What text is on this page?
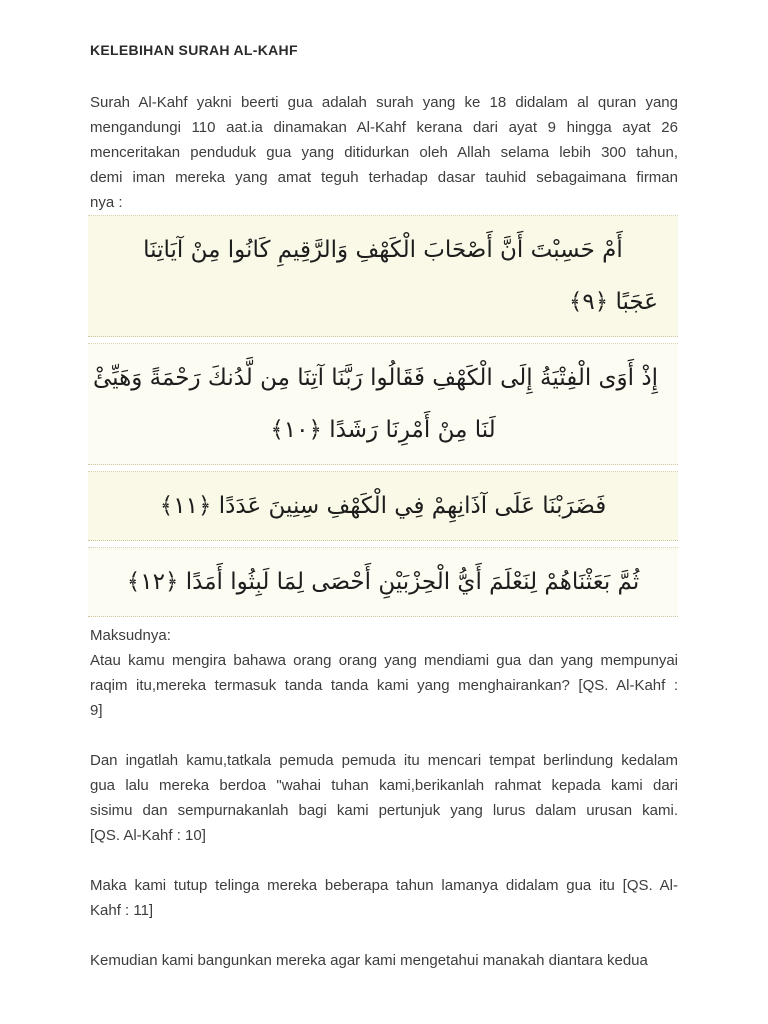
KELEBIHAN SURAH AL-KAHF

Surah Al-Kahf yakni beerti gua adalah surah yang ke 18 didalam al quran yang
mengandungi 110 aat.ia dinamakan Al-Kahf kerana dari ayat 9 hingga ayat 26
menceritakan penduduk gua yang ditidurkan oleh Allah selama lebih 300 tahun,
demi iman mereka yang amat teguh terhadap dasar tauhid sebagaimana firman
nya :

أَمْ حَسِبْتَ أَنَّ أَصْحَابَ الْكَهْفِ وَالرَّقِيمِ كَانُوا مِنْ آيَاتِنَا
عَجَبًا ﴿٩﴾
إِذْ أَوَى الْفِتْيَةُ إِلَى الْكَهْفِ فَقَالُوا رَبَّنَا آتِنَا مِن لَّدُنكَ رَحْمَةً وَهَيِّئْ
لَنَا مِنْ أَمْرِنَا رَشَدًا ﴿١٠﴾
فَضَرَبْنَا عَلَى آذَانِهِمْ فِي الْكَهْفِ سِنِينَ عَدَدًا ﴿١١﴾
ثُمَّ بَعَثْنَاهُمْ لِنَعْلَمَ أَيُّ الْحِزْبَيْنِ أَحْصَى لِمَا لَبِثُوا أَمَدًا ﴿١٢﴾

Maksudnya:
Atau kamu mengira bahawa orang orang yang mendiami gua dan yang mempunyai
raqim itu,mereka termasuk tanda tanda kami yang menghairankan? [QS. Al-Kahf :
9]

Dan ingatlah kamu,tatkala pemuda pemuda itu mencari tempat berlindung kedalam
gua lalu mereka berdoa "wahai tuhan kami,berikanlah rahmat kepada kami dari
sisimu dan sempurnakanlah bagi kami pertunjuk yang lurus dalam urusan kami.
[QS. Al-Kahf : 10]

Maka kami tutup telinga mereka beberapa tahun lamanya didalam gua itu [QS. Al-
Kahf : 11]

Kemudian kami bangunkan mereka agar kami mengetahui manakah diantara kedua
